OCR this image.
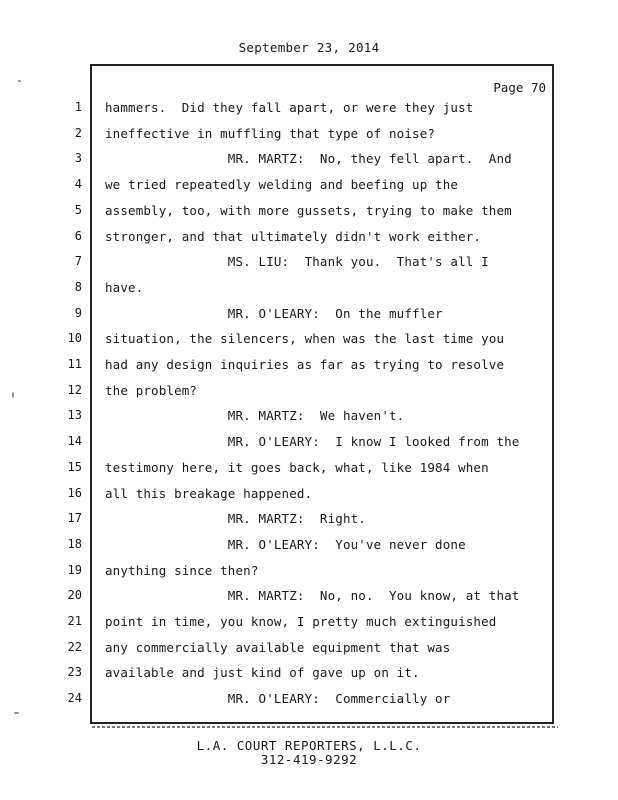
September 23, 2014
Page 70
1 hammers.  Did they fall apart, or were they just
2 ineffective in muffling that type of noise?
3 MR. MARTZ:  No, they fell apart.  And
4 we tried repeatedly welding and beefing up the
5 assembly, too, with more gussets, trying to make them
6 stronger, and that ultimately didn't work either.
7 MS. LIU:  Thank you.  That's all I
8 have.
9 MR. O'LEARY:  On the muffler
10 situation, the silencers, when was the last time you
11 had any design inquiries as far as trying to resolve
12 the problem?
13 MR. MARTZ:  We haven't.
14 MR. O'LEARY:  I know I looked from the
15 testimony here, it goes back, what, like 1984 when
16 all this breakage happened.
17 MR. MARTZ:  Right.
18 MR. O'LEARY:  You've never done
19 anything since then?
20 MR. MARTZ:  No, no.  You know, at that
21 point in time, you know, I pretty much extinguished
22 any commercially available equipment that was
23 available and just kind of gave up on it.
24 MR. O'LEARY:  Commercially or
L.A. COURT REPORTERS, L.L.C.
312-419-9292
